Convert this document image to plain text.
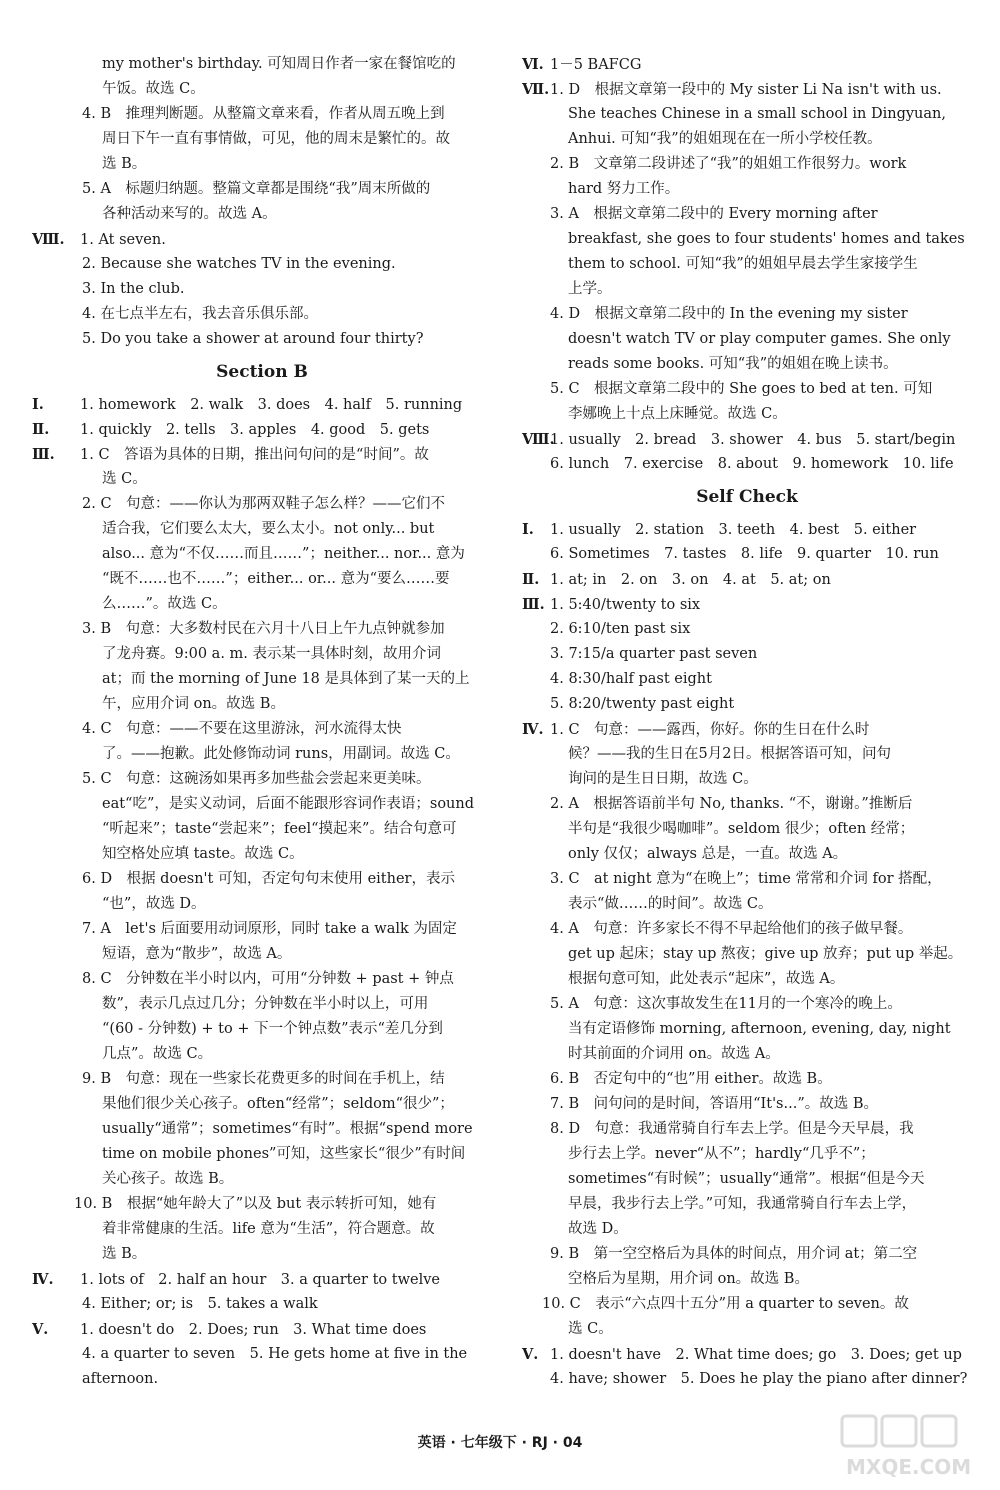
my mother's birthday. 可知周日作者一家在餐馆吃的
午饭。故选 C。
4. B　推理判断题。从整篇文章来看，作者从周五晚上到
周日下午一直有事情做，可见，他的周末是繁忙的。故
选 B。
5. A　标题归纳题。整篇文章都是围绕“我”周末所做的
各种活动来写的。故选 A。
Ⅷ. 1. At seven.
2. Because she watches TV in the evening.
3. In the club.
4. 在七点半左右，我去音乐俱乐部。
5. Do you take a shower at around four thirty?
Section B
Ⅰ. 1. homework　2. walk　3. does　4. half　5. running
Ⅱ. 1. quickly　2. tells　3. apples　4. good　5. gets
Ⅲ. 1. C　答语为具体的日期，推出问句问的是“时间”。故
选 C。
2. C　句意：——你认为那两双鞋子怎么样？——它们不
适合我，它们要么太大，要么太小。not only... but
also... 意为“不仅……而且……”；neither... nor... 意为
“既不……也不……”；either... or... 意为“要么……要
么……”。故选 C。
3. B　句意：大多数村民在六月十八日上午九点钟就参加
了龙舟赛。9:00 a. m. 表示某一具体时刻，故用介词
at；而 the morning of June 18 是具体到了某一天的上
午，应用介词 on。故选 B。
4. C　句意：——不要在这里游泳，河水流得太快
了。——抱歉。此处修饰动词 runs，用副词。故选 C。
5. C　句意：这碗汤如果再多加些盐会尝起来更美味。
eat“吃”，是实义动词，后面不能跟形容词作表语；sound
“听起来”；taste“尝起来”；feel“摸起来”。结合句意可
知空格处应填 taste。故选 C。
6. D　根据 doesn't 可知，否定句句末使用 either，表示
“也”，故选 D。
7. A　let's 后面要用动词原形，同时 take a walk 为固定
短语，意为“散步”，故选 A。
8. C　分钟数在半小时以内，可用“分钟数 + past + 钟点
数”，表示几点过几分；分钟数在半小时以上，可用
“(60 - 分钟数) + to + 下一个钟点数”表示“差几分到
几点”。故选 C。
9. B　句意：现在一些家长花费更多的时间在手机上，结
果他们很少关心孩子。often“经常”；seldom“很少”；
usually“通常”；sometimes“有时”。根据“spend more
time on mobile phones”可知，这些家长“很少”有时间
关心孩子。故选 B。
10. B　根据“她年龄大了”以及 but 表示转折可知，她有
着非常健康的生活。life 意为“生活”，符合题意。故
选 B。
Ⅳ. 1. lots of　2. half an hour　3. a quarter to twelve
4. Either; or; is　5. takes a walk
Ⅴ. 1. doesn't do　2. Does; run　3. What time does
4. a quarter to seven　5. He gets home at five in the
afternoon.
Ⅵ. 1－5 BAFCG
Ⅶ.1. D　根据文章第一段中的 My sister Li Na isn't with us.
She teaches Chinese in a small school in Dingyuan,
Anhui. 可知“我”的姐姐现在在一所小学校任教。
2. B　文章第二段讲述了“我”的姐姐工作很努力。work
hard 努力工作。
3. A　根据文章第二段中的 Every morning after
breakfast, she goes to four students' homes and takes
them to school. 可知“我”的姐姐早晨去学生家接学生
上学。
4. D　根据文章第二段中的 In the evening my sister
doesn't watch TV or play computer games. She only
reads some books. 可知“我”的姐姐在晚上读书。
5. C　根据文章第二段中的 She goes to bed at ten. 可知
李娜晚上十点上床睡觉。故选 C。
Ⅷ.1. usually　2. bread　3. shower　4. bus　5. start/begin
6. lunch　7. exercise　8. about　9. homework　10. life
Self Check
Ⅰ. 1. usually　2. station　3. teeth　4. best　5. either
6. Sometimes　7. tastes　8. life　9. quarter　10. run
Ⅱ. 1. at; in　2. on　3. on　4. at　5. at; on
Ⅲ. 1. 5:40/twenty to six
2. 6:10/ten past six
3. 7:15/a quarter past seven
4. 8:30/half past eight
5. 8:20/twenty past eight
Ⅳ. 1. C　句意：——露西，你好。你的生日在什么时
候？——我的生日在5月2日。根据答语可知，问句
询问的是生日日期，故选 C。
2. A　根据答语前半句 No, thanks. “不，谢谢。”推断后
半句是“我很少喝咖啡”。seldom 很少；often 经常；
only 仅仅；always 总是，一直。故选 A。
3. C　at night 意为“在晚上”；time 常常和介词 for 搭配，
表示“做……的时间”。故选 C。
4. A　句意：许多家长不得不早起给他们的孩子做早餐。
get up 起床；stay up 熬夜；give up 放弃；put up 举起。
根据句意可知，此处表示“起床”，故选 A。
5. A　句意：这次事故发生在11月的一个寒冷的晚上。
当有定语修饰 morning, afternoon, evening, day, night
时其前面的介词用 on。故选 A。
6. B　否定句中的“也”用 either。故选 B。
7. B　问句问的是时间，答语用“It's...”。故选 B。
8. D　句意：我通常骑自行车去上学。但是今天早晨，我
步行去上学。never“从不”；hardly“几乎不”；
sometimes“有时候”；usually“通常”。根据“但是今天
早晨，我步行去上学。”可知，我通常骑自行车去上学，
故选 D。
9. B　第一空空格后为具体的时间点，用介词 at；第二空
空格后为星期，用介词 on。故选 B。
10. C　表示“六点四十五分”用 a quarter to seven。故
选 C。
Ⅴ. 1. doesn't have　2. What time does; go　3. Does; get up
4. have; shower　5. Does he play the piano after dinner?
英语 · 七年级下 · RJ · 04
MXQE.COM
